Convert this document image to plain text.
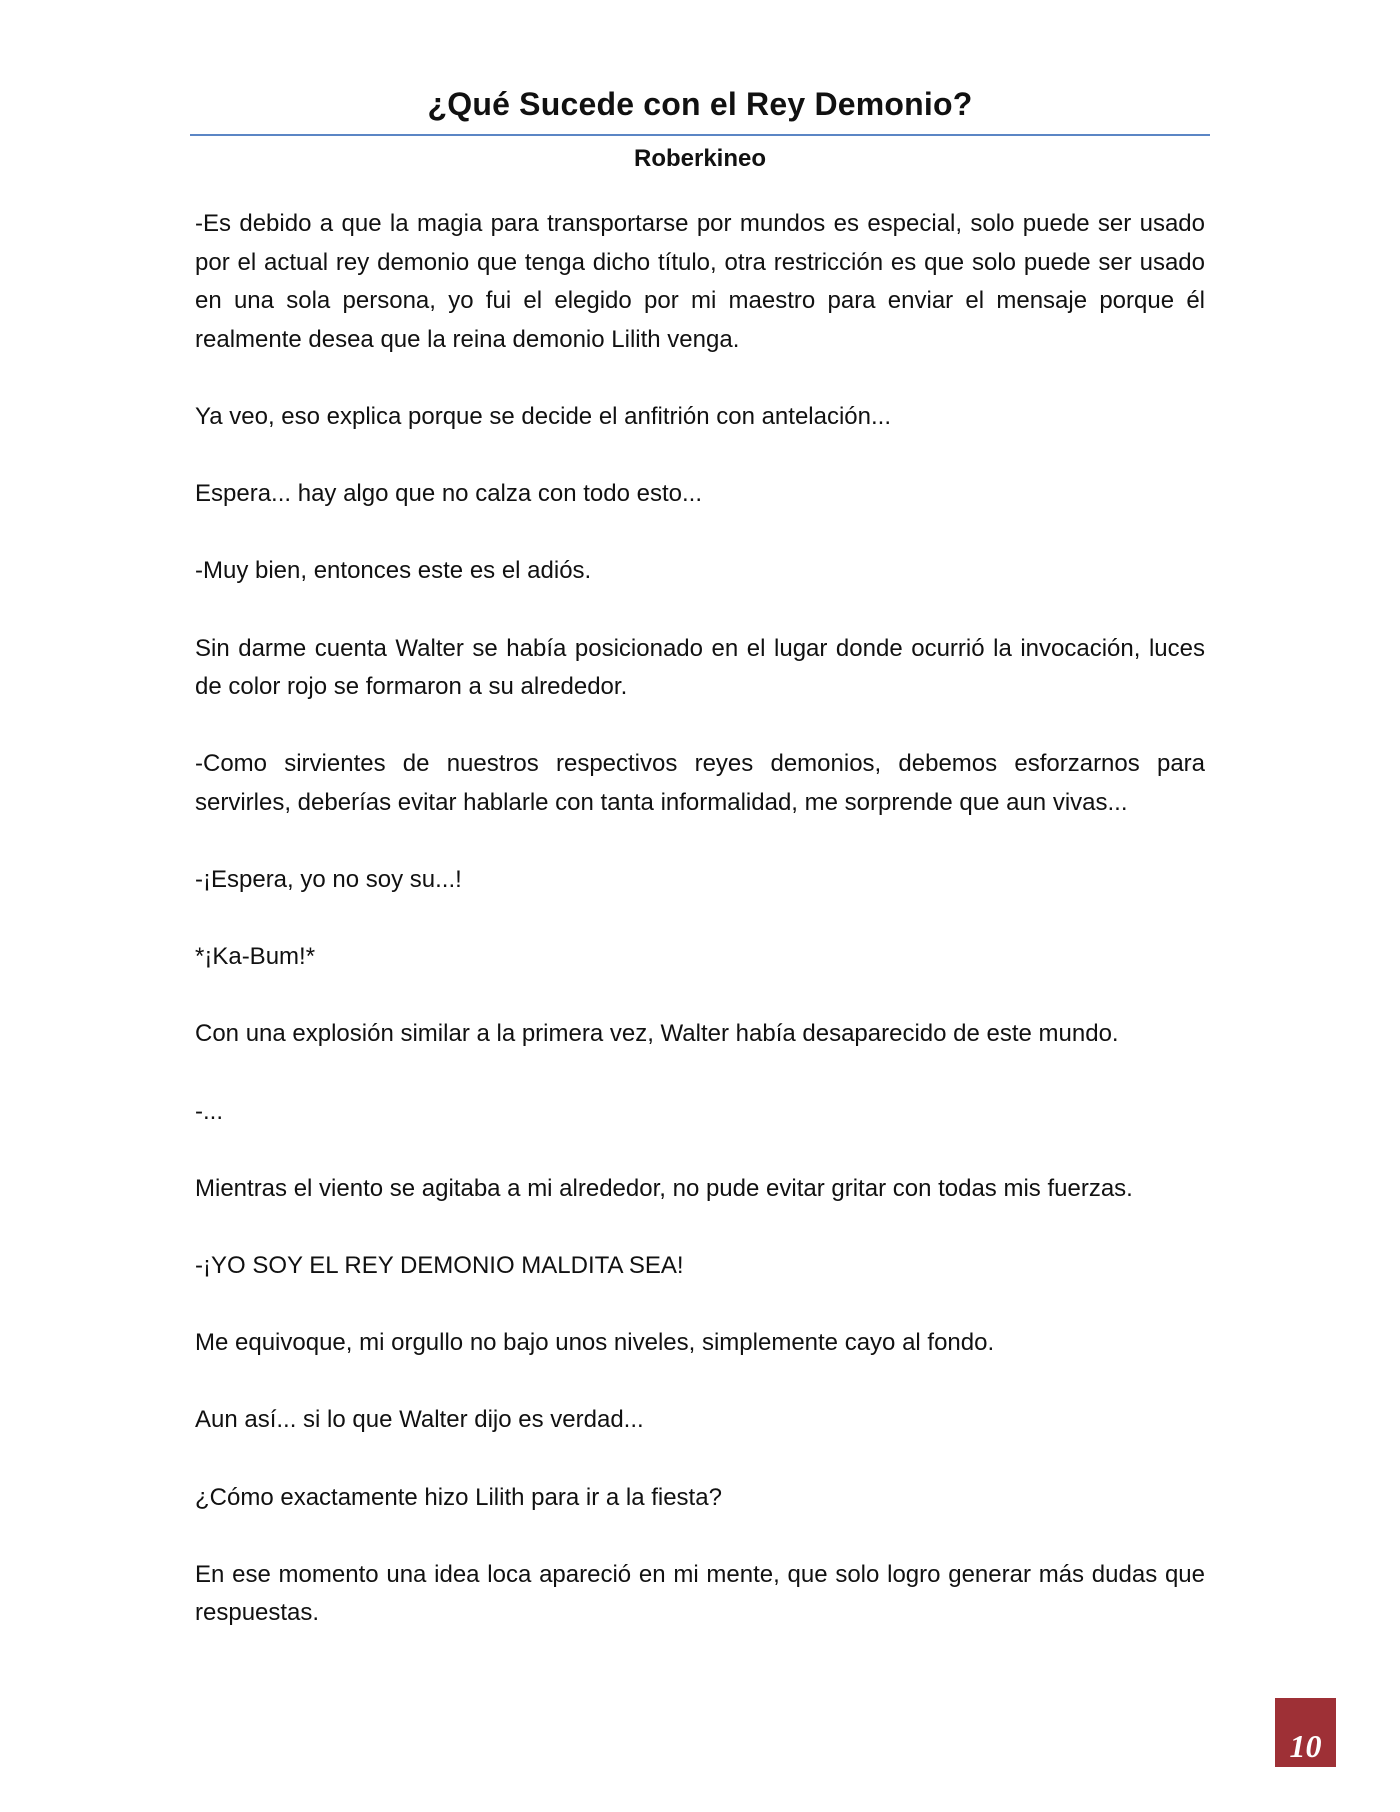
¿Qué Sucede con el Rey Demonio?
Roberkineo

-Es debido a que la magia para transportarse por mundos es especial, solo puede ser usado por el actual rey demonio que tenga dicho título, otra restricción es que solo puede ser usado en una sola persona, yo fui el elegido por mi maestro para enviar el mensaje porque él realmente desea que la reina demonio Lilith venga.

Ya veo, eso explica porque se decide el anfitrión con antelación...

Espera... hay algo que no calza con todo esto...

-Muy bien, entonces este es el adiós.

Sin darme cuenta Walter se había posicionado en el lugar donde ocurrió la invocación, luces de color rojo se formaron a su alrededor.

-Como sirvientes de nuestros respectivos reyes demonios, debemos esforzarnos para servirles, deberías evitar hablarle con tanta informalidad, me sorprende que aun vivas...

-¡Espera, yo no soy su...!

*¡Ka-Bum!*

Con una explosión similar a la primera vez, Walter había desaparecido de este mundo.

-...

Mientras el viento se agitaba a mi alrededor, no pude evitar gritar con todas mis fuerzas.

-¡YO SOY EL REY DEMONIO MALDITA SEA!

Me equivoque, mi orgullo no bajo unos niveles, simplemente cayo al fondo.

Aun así... si lo que Walter dijo es verdad...

¿Cómo exactamente hizo Lilith para ir a la fiesta?

En ese momento una idea loca apareció en mi mente, que solo logro generar más dudas que respuestas.

10
